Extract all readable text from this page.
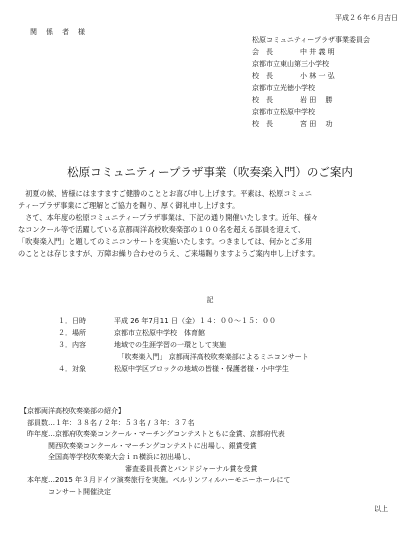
平成２６年６月吉日
関　係　者　様
松原コミュニティープラザ事業委員会
会　長	中 井 義 明
京都市立東山第三小学校
校　長	小 林 一 弘
京都市立光徳小学校
校　長	岩 田　 勝
京都市立松原中学校
校　長	宮 田　 功
松原コミュニティープラザ事業（吹奏楽入門）のご案内

　初夏の候、皆様にはますますご健勝のこととお喜び申し上げます。平素は、松原コミュニ

ティープラザ事業にご理解とご協力を賜り、厚く御礼申し上げます。

　さて、本年度の松原コミュニティープラザ事業は、下記の通り開催いたします。近年、様々

なコンクール等で活躍している京都両洋高校吹奏楽部の１００名を超える部員を迎えて、

「吹奏楽入門」と題してのミニコンサートを実施いたします。つきましては、何かとご多用

のこととは存じますが、万障お繰り合わせのうえ、ご来場賜りますようご案内申し上げます。

記
１． 日時	平成 26 年7月11 日（金）１４：００～１５：００
２． 場所	京都市立松原中学校　体育館
３． 内容	地域での生涯学習の一環として実施
　「吹奏楽入門」 京都両洋高校吹奏楽部によるミニコンサート
４． 対象	松原中学区ブロックの地域の皆様・保護者様・小中学生
【京都両洋高校吹奏楽部の紹介】
　部員数…１年：３８名 / ２年：５３名 / ３年：３７名
　昨年度…京都府吹奏楽コンクール・マーチングコンテストともに金賞、京都府代表
　　　　関西吹奏楽コンクール・マーチングコンテストに出場し、銀賞受賞
　　　　全国高等学校吹奏楽大会ｉｎ横浜に初出場し、
　　　　　　　　　　　　　　　審査委員長賞とバンドジャーナル賞を受賞
　本年度…2015 年３月ドイツ演奏旅行を実施。ベルリンフィルハーモニーホールにて
　　　　コンサート開催決定
以上
